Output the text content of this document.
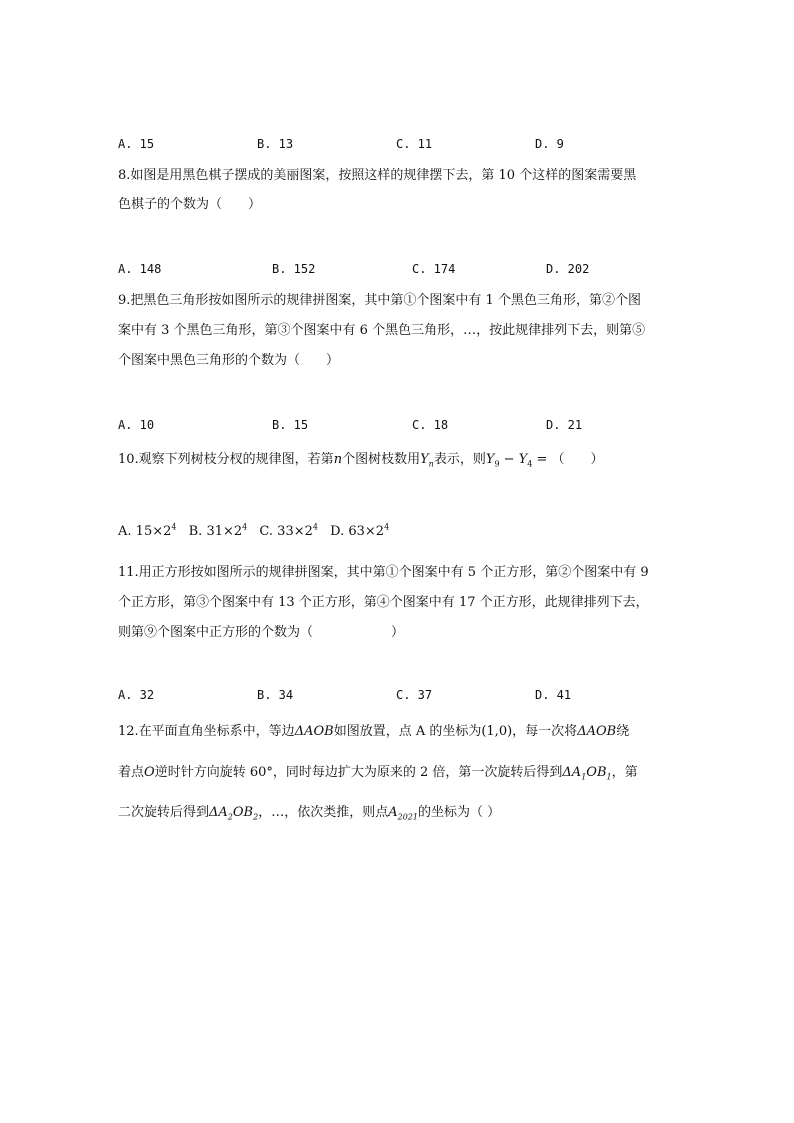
A. 15	B. 13	C. 11	D. 9
8.如图是用黑色棋子摆成的美丽图案，按照这样的规律摆下去，第 10 个这样的图案需要黑
色棋子的个数为（　　）
A. 148	B. 152	C. 174	D. 202
9.把黑色三角形按如图所示的规律拼图案，其中第①个图案中有 1 个黑色三角形，第②个图
案中有 3 个黑色三角形，第③个图案中有 6 个黑色三角形，…，按此规律排列下去，则第⑤
个图案中黑色三角形的个数为（　　）
A. 10	B. 15	C. 18	D. 21
10.观察下列树枝分杈的规律图，若第n个图树枝数用$Y_n$表示，则$Y_9 - Y_4$ = （　　）
A. $15\times 2^4$ B. $31\times 2^4$ C. $33\times 2^4$ D. $63\times 2^4$
11.用正方形按如图所示的规律拼图案，其中第①个图案中有 5 个正方形，第②个图案中有 9
个正方形，第③个图案中有 13 个正方形，第④个图案中有 17 个正方形，此规律排列下去，
则第⑨个图案中正方形的个数为（　　　　　　）
A. 32	B. 34	C. 37	D. 41
12.在平面直角坐标系中，等边ΔAOB如图放置，点 A 的坐标为(1,0)，每一次将ΔAOB绕
着点O逆时针方向旋转 60°，同时每边扩大为原来的 2 倍，第一次旋转后得到$\Delta A_1OB_1$，第
二次旋转后得到$\Delta A_2OB_2$，…，依次类推，则点$A_{2021}$的坐标为（ ）
